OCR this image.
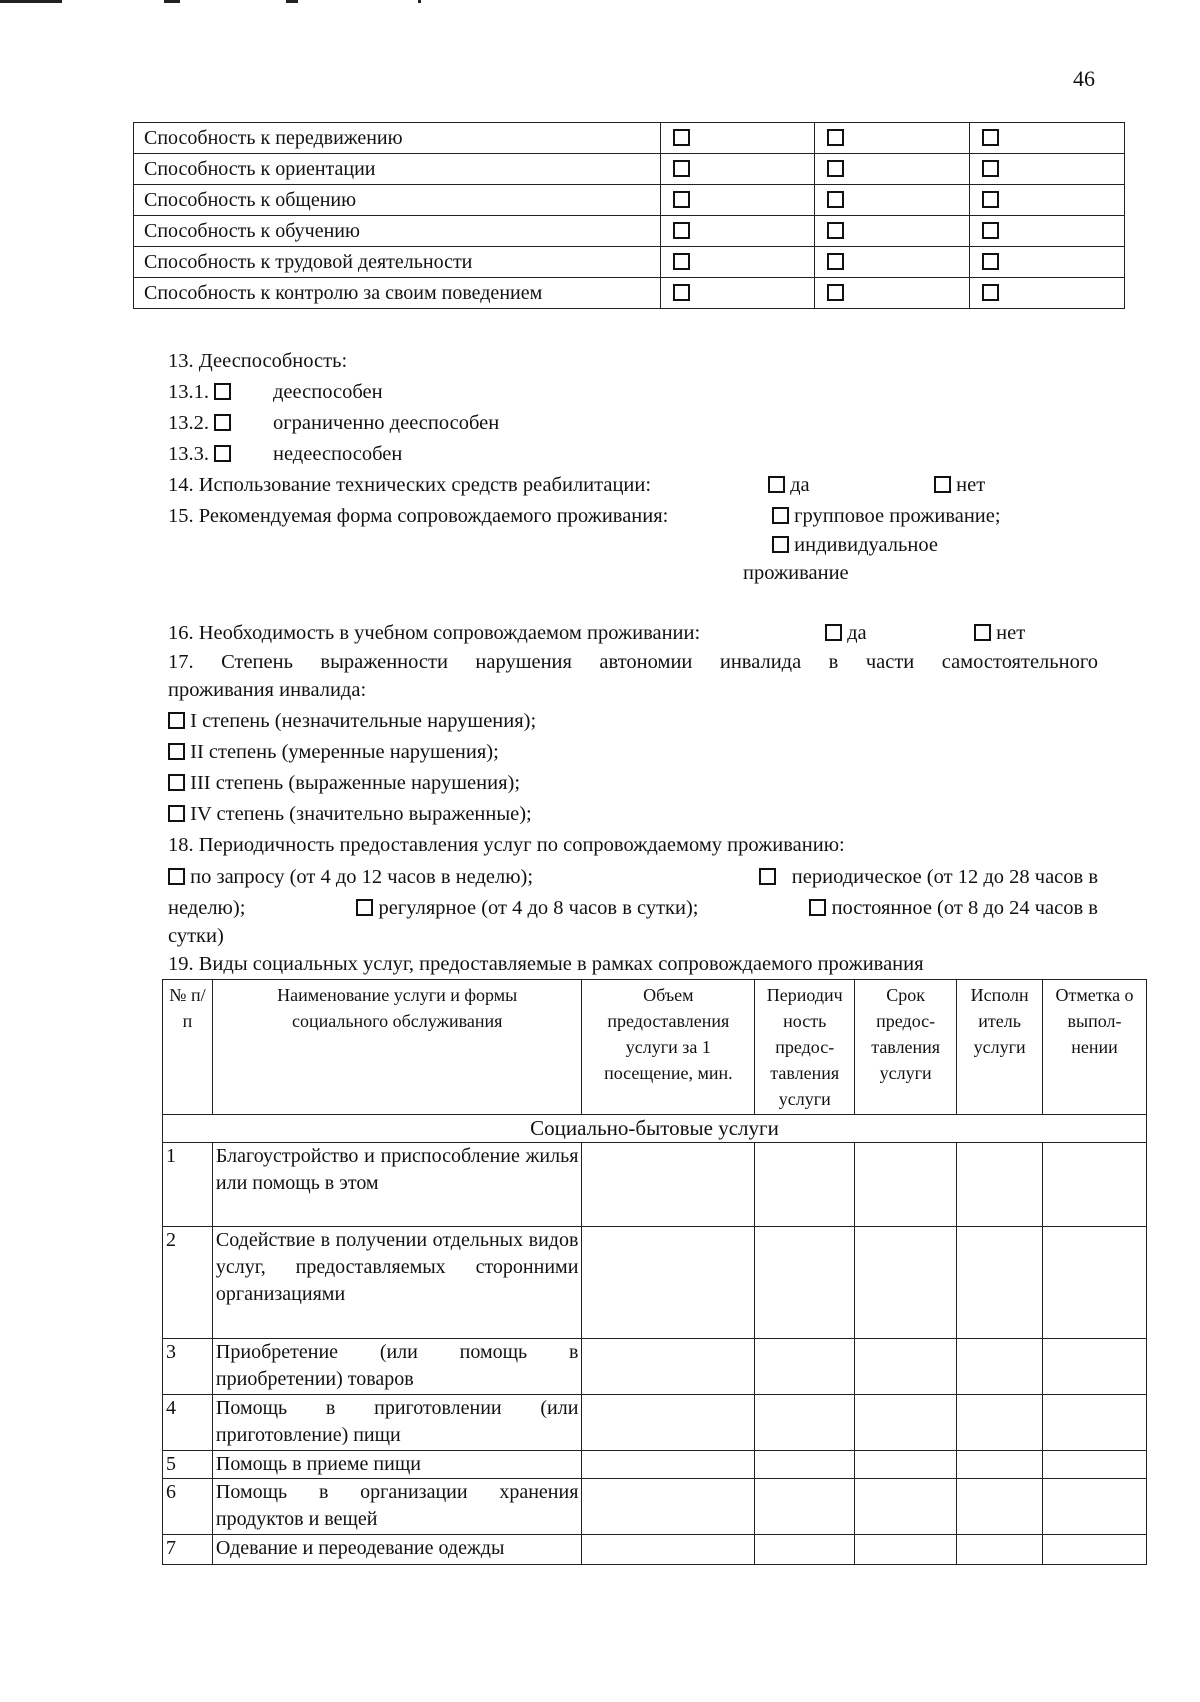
46
Способность к передвижению			
Способность к ориентации			
Способность к общению			
Способность к обучению			
Способность к трудовой деятельности			
Способность к контролю за своим поведением			
13. Дееспособность:
13.1.	дееспособен
13.2.	ограниченно дееспособен
13.3.	недееспособен
14. Использование технических средств реабилитации:	да	нет
15. Рекомендуемая форма сопровождаемого проживания:	групповое проживание;
индивидуальное
проживание
16. Необходимость в учебном сопровождаемом проживании:	да	нет
17. Степень выраженности нарушения автономии инвалида в части самостоятельного
проживания инвалида:
I степень (незначительные нарушения);
II степень (умеренные нарушения);
III степень (выраженные нарушения);
IV степень (значительно выраженные);
18. Периодичность предоставления услуг по сопровождаемому проживанию:
по запросу (от 4 до 12 часов в неделю);	периодическое (от 12 до 28 часов в
неделю);	регулярное (от 4 до 8 часов в сутки);	постоянное (от 8 до 24 часов в
сутки)
19. Виды социальных услуг, предоставляемые в рамках сопровождаемого проживания
№ п/п	Наименование услуги и формы социального обслуживания	Объем предоставления услуги за 1 посещение, мин.	Периодич ность предос- тавления услуги	Срок предос- тавления услуги	Исполн итель услуги	Отметка о выпол- нении
Социально-бытовые услуги						
1	Благоустройство и приспособление жилья или помощь в этом					
2	Содействие в получении отдельных видов услуг, предоставляемых сторонними организациями					
3	Приобретение (или помощь в приобретении) товаров					
4	Помощь в приготовлении (или приготовление) пищи					
5	Помощь в приеме пищи					
6	Помощь в организации хранения продуктов и вещей					
7	Одевание и переодевание одежды					
